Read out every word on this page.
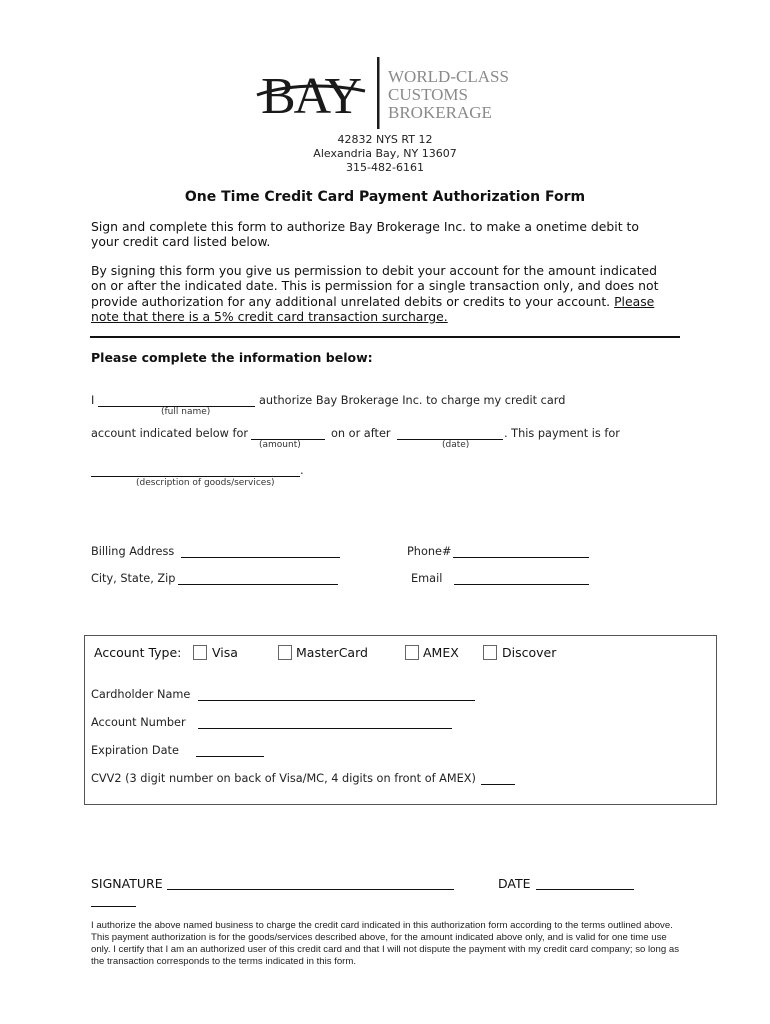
BAY WORLD-CLASS
CUSTOMS
BROKERAGE
42832 NYS RT 12
Alexandria Bay, NY 13607
315-482-6161
One Time Credit Card Payment Authorization Form
Sign and complete this form to authorize Bay Brokerage Inc. to make a onetime debit to
your credit card listed below.
By signing this form you give us permission to debit your account for the amount indicated
on or after the indicated date. This is permission for a single transaction only, and does not
provide authorization for any additional unrelated debits or credits to your account. Please
note that there is a 5% credit card transaction surcharge.
Please complete the information below:
I	authorize Bay Brokerage Inc. to charge my credit card
(full name)
account indicated below for	on or after	. This payment is for
(amount)	(date)
.
(description of goods/services)
Billing Address	Phone#
City, State, Zip	Email
Account Type: Visa	MasterCard	AMEX	Discover
Cardholder Name
Account Number
Expiration Date
CVV2 (3 digit number on back of Visa/MC, 4 digits on front of AMEX)
SIGNATURE	DATE
I authorize the above named business to charge the credit card indicated in this authorization form according to the terms outlined above. This payment authorization is for the goods/services described above, for the amount indicated above only, and is valid for one time use only. I certify that I am an authorized user of this credit card and that I will not dispute the payment with my credit card company; so long as the transaction corresponds to the terms indicated in this form.
